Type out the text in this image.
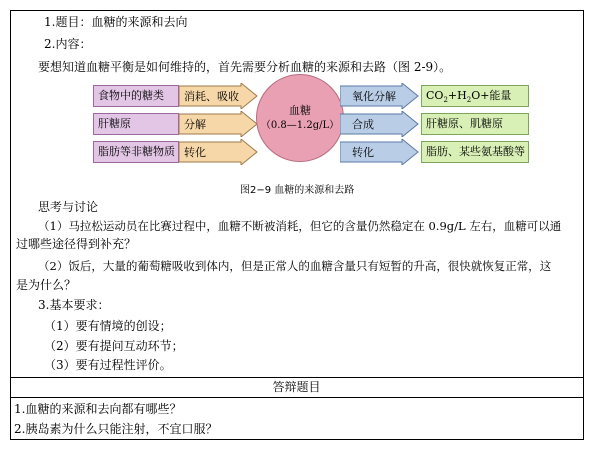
1.题目：血糖的来源和去向
2.内容：
要想知道血糖平衡是如何维持的，首先需要分析血糖的来源和去路（图 2-9）。
食物中的糖类
肝糖原
脂肪等非糖物质
消耗、吸收
分解
转化
血糖
（0.8—1.2g/L）
氧化分解
合成
转化
$CO_2+H_2O+$能量
肝糖原、肌糖原
脂肪、某些氨基酸等
图2−9 血糖的来源和去路
思考与讨论
（1）马拉松运动员在比赛过程中，血糖不断被消耗，但它的含量仍然稳定在 0.9g/L 左右，血糖可以通
过哪些途径得到补充？
（2）饭后，大量的葡萄糖吸收到体内，但是正常人的血糖含量只有短暂的升高，很快就恢复正常，这
是为什么？
3.基本要求：
（1）要有情境的创设；
（2）要有提问互动环节；
（3）要有过程性评价。
答辩题目
1.血糖的来源和去向都有哪些？
2.胰岛素为什么只能注射，不宜口服？
